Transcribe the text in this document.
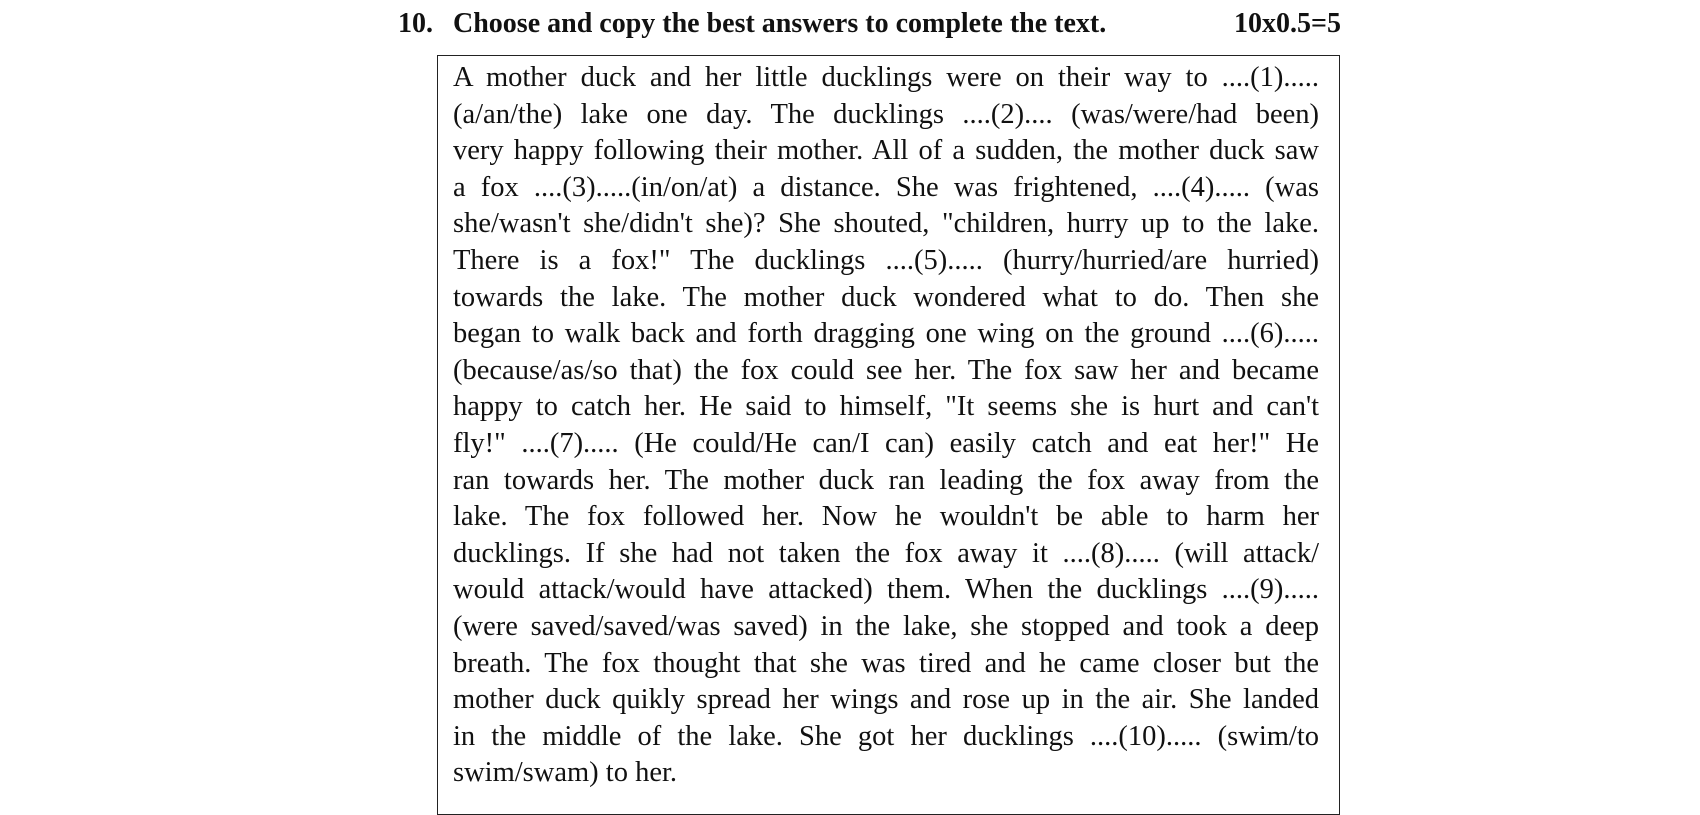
10. Choose and copy the best answers to complete the text.	10x0.5=5
A mother duck and her little ducklings were on their way to ....(1).....
(a/an/the) lake one day. The ducklings ....(2).... (was/were/had been)
very happy following their mother. All of a sudden, the mother duck saw
a fox ....(3).....(in/on/at) a distance. She was frightened, ....(4)..... (was
she/wasn't she/didn't she)? She shouted, "children, hurry up to the lake.
There is a fox!" The ducklings ....(5)..... (hurry/hurried/are hurried)
towards the lake. The mother duck wondered what to do. Then she
began to walk back and forth dragging one wing on the ground ....(6).....
(because/as/so that) the fox could see her. The fox saw her and became
happy to catch her. He said to himself, "It seems she is hurt and can't
fly!" ....(7)..... (He could/He can/I can) easily catch and eat her!" He
ran towards her. The mother duck ran leading the fox away from the
lake. The fox followed her. Now he wouldn't be able to harm her
ducklings. If she had not taken the fox away it ....(8)..... (will attack/
would attack/would have attacked) them. When the ducklings ....(9).....
(were saved/saved/was saved) in the lake, she stopped and took a deep
breath. The fox thought that she was tired and he came closer but the
mother duck quikly spread her wings and rose up in the air. She landed
in the middle of the lake. She got her ducklings ....(10)..... (swim/to
swim/swam) to her.
